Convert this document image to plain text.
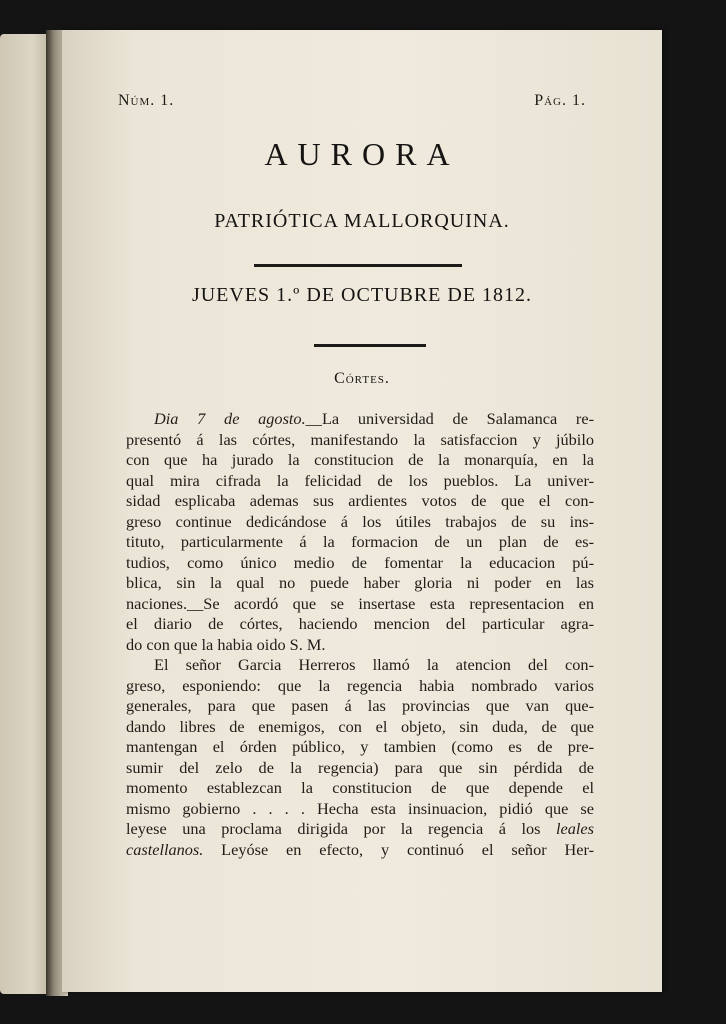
Núm. 1.	Pág. 1.
AURORA
PATRIÓTICA MALLORQUINA.
JUEVES 1.º DE OCTUBRE DE 1812.
Córtes.
Dia 7 de agosto.__La universidad de Salamanca re-
presentó á las córtes, manifestando la satisfaccion y júbilo
con que ha jurado la constitucion de la monarquía, en la
qual mira cifrada la felicidad de los pueblos. La univer-
sidad esplicaba ademas sus ardientes votos de que el con-
greso continue dedicándose á los útiles trabajos de su ins-
tituto, particularmente á la formacion de un plan de es-
tudios, como único medio de fomentar la educacion pú-
blica, sin la qual no puede haber gloria ni poder en las
naciones.__Se acordó que se insertase esta representacion en
el diario de córtes, haciendo mencion del particular agra-
do con que la habia oido S. M.
El señor Garcia Herreros llamó la atencion del con-
greso, esponiendo: que la regencia habia nombrado varios
generales, para que pasen á las provincias que van que-
dando libres de enemigos, con el objeto, sin duda, de que
mantengan el órden público, y tambien (como es de pre-
sumir del zelo de la regencia) para que sin pérdida de
momento establezcan la constitucion de que depende el
mismo gobierno . . . . Hecha esta insinuacion, pidió que se
leyese una proclama dirigida por la regencia á los leales
castellanos. Leyóse en efecto, y continuó el señor Her-
